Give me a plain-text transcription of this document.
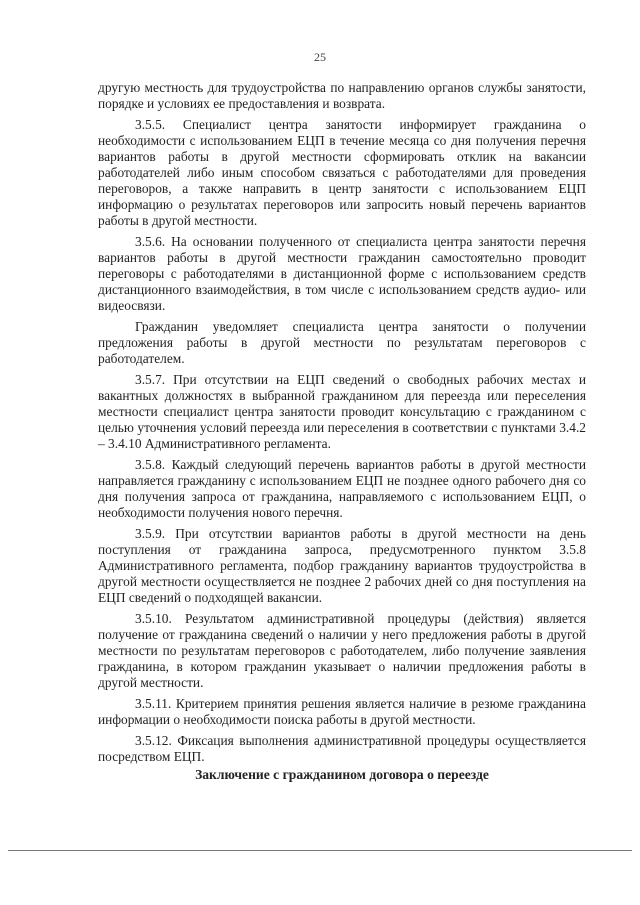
25

другую местность для трудоустройства по направлению органов службы занятости, порядке и условиях ее предоставления и возврата.

3.5.5. Специалист центра занятости информирует гражданина о необходимости с использованием ЕЦП в течение месяца со дня получения перечня вариантов работы в другой местности сформировать отклик на вакансии работодателей либо иным способом связаться с работодателями для проведения переговоров, а также направить в центр занятости с использованием ЕЦП информацию о результатах переговоров или запросить новый перечень вариантов работы в другой местности.

3.5.6. На основании полученного от специалиста центра занятости перечня вариантов работы в другой местности гражданин самостоятельно проводит переговоры с работодателями в дистанционной форме с использованием средств дистанционного взаимодействия, в том числе с использованием средств аудио- или видеосвязи.

Гражданин уведомляет специалиста центра занятости о получении предложения работы в другой местности по результатам переговоров с работодателем.

3.5.7. При отсутствии на ЕЦП сведений о свободных рабочих местах и вакантных должностях в выбранной гражданином для переезда или переселения местности специалист центра занятости проводит консультацию с гражданином с целью уточнения условий переезда или переселения в соответствии с пунктами 3.4.2 – 3.4.10 Административного регламента.

3.5.8. Каждый следующий перечень вариантов работы в другой местности направляется гражданину с использованием ЕЦП не позднее одного рабочего дня со дня получения запроса от гражданина, направляемого с использованием ЕЦП, о необходимости получения нового перечня.

3.5.9. При отсутствии вариантов работы в другой местности на день поступления от гражданина запроса, предусмотренного пунктом 3.5.8 Административного регламента, подбор гражданину вариантов трудоустройства в другой местности осуществляется не позднее 2 рабочих дней со дня поступления на ЕЦП сведений о подходящей вакансии.

3.5.10. Результатом административной процедуры (действия) является получение от гражданина сведений о наличии у него предложения работы в другой местности по результатам переговоров с работодателем, либо получение заявления гражданина, в котором гражданин указывает о наличии предложения работы в другой местности.

3.5.11. Критерием принятия решения является наличие в резюме гражданина информации о необходимости поиска работы в другой местности.

3.5.12. Фиксация выполнения административной процедуры осуществляется посредством ЕЦП.

Заключение с гражданином договора о переезде
